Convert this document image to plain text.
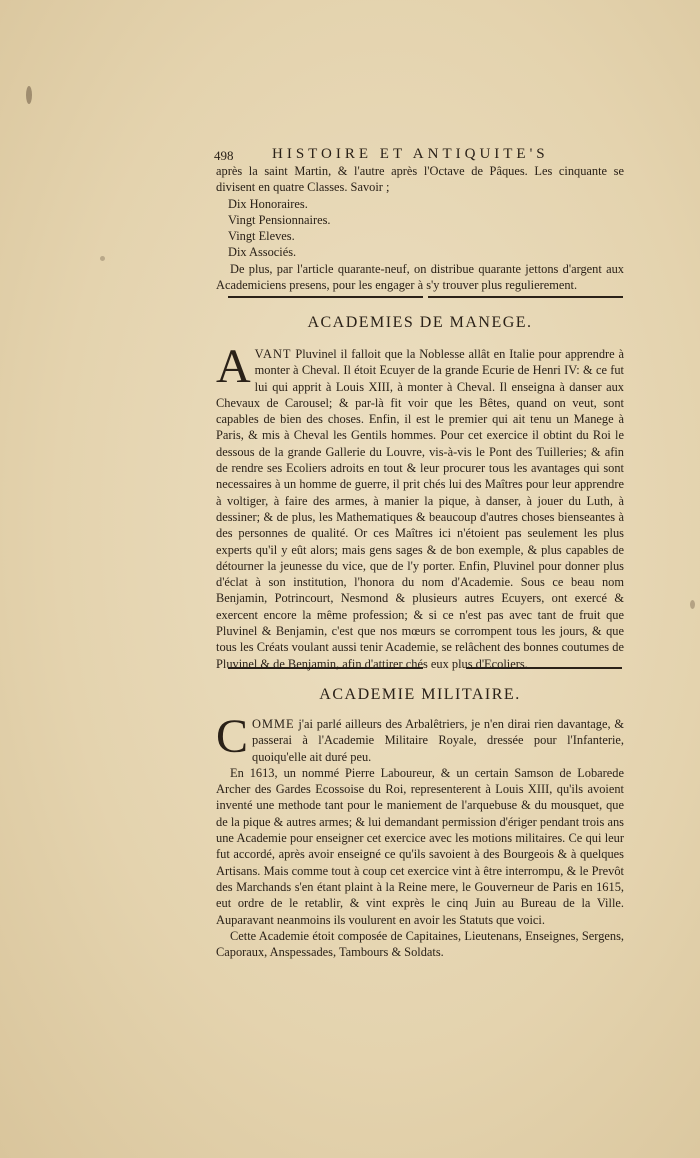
498	HISTOIRE ET ANTIQUITE'S

après la saint Martin, & l'autre après l'Octave de Pâques. Les cinquante se divisent en quatre Classes. Savoir ;

Dix Honoraires.
Vingt Pensionnaires.
Vingt Eleves.
Dix Associés.

De plus, par l'article quarante-neuf, on distribue quarante jettons d'argent aux Academiciens presens, pour les engager à s'y trouver plus regulierement.

ACADEMIES DE MANEGE.

AVANT Pluvinel il falloit que la Noblesse allât en Italie pour apprendre à monter à Cheval. Il étoit Ecuyer de la grande Ecurie de Henri IV: & ce fut lui qui apprit à Louis XIII, à monter à Cheval. Il enseigna à danser aux Chevaux de Carousel; & par-là fit voir que les Bêtes, quand on veut, sont capables de bien des choses. Enfin, il est le premier qui ait tenu un Manege à Paris, & mis à Cheval les Gentils hommes. Pour cet exercice il obtint du Roi le dessous de la grande Gallerie du Louvre, vis-à-vis le Pont des Tuilleries; & afin de rendre ses Ecoliers adroits en tout & leur procurer tous les avantages qui sont necessaires à un homme de guerre, il prit chés lui des Maîtres pour leur apprendre à voltiger, à faire des armes, à manier la pique, à danser, à jouer du Luth, à dessiner; & de plus, les Mathematiques & beaucoup d'autres choses bienseantes à des personnes de qualité. Or ces Maîtres ici n'étoient pas seulement les plus experts qu'il y eût alors; mais gens sages & de bon exemple, & plus capables de détourner la jeunesse du vice, que de l'y porter. Enfin, Pluvinel pour donner plus d'éclat à son institution, l'honora du nom d'Academie. Sous ce beau nom Benjamin, Potrincourt, Nesmond & plusieurs autres Ecuyers, ont exercé & exercent encore la même profession; & si ce n'est pas avec tant de fruit que Pluvinel & Benjamin, c'est que nos mœurs se corrompent tous les jours, & que tous les Créats voulant aussi tenir Academie, se relâchent des bonnes coutumes de Pluvinel & de Benjamin, afin d'attirer chés eux plus d'Ecoliers.

ACADEMIE MILITAIRE.

COMME j'ai parlé ailleurs des Arbalêtriers, je n'en dirai rien davantage, & passerai à l'Academie Militaire Royale, dressée pour l'Infanterie, quoiqu'elle ait duré peu.

En 1613, un nommé Pierre Laboureur, & un certain Samson de Lobarede Archer des Gardes Ecossoise du Roi, representerent à Louis XIII, qu'ils avoient inventé une methode tant pour le maniement de l'arquebuse & du mousquet, que de la pique & autres armes; & lui demandant permission d'ériger pendant trois ans une Academie pour enseigner cet exercice avec les motions militaires. Ce qui leur fut accordé, après avoir enseigné ce qu'ils savoient à des Bourgeois & à quelques Artisans. Mais comme tout à coup cet exercice vint à être interrompu, & le Prevôt des Marchands s'en étant plaint à la Reine mere, le Gouverneur de Paris en 1615, eut ordre de le retablir, & vint exprès le cinq Juin au Bureau de la Ville. Auparavant neanmoins ils voulurent en avoir les Statuts que voici.

Cette Academie étoit composée de Capitaines, Lieutenans, Enseignes, Sergens, Caporaux, Anspessades, Tambours & Soldats.
